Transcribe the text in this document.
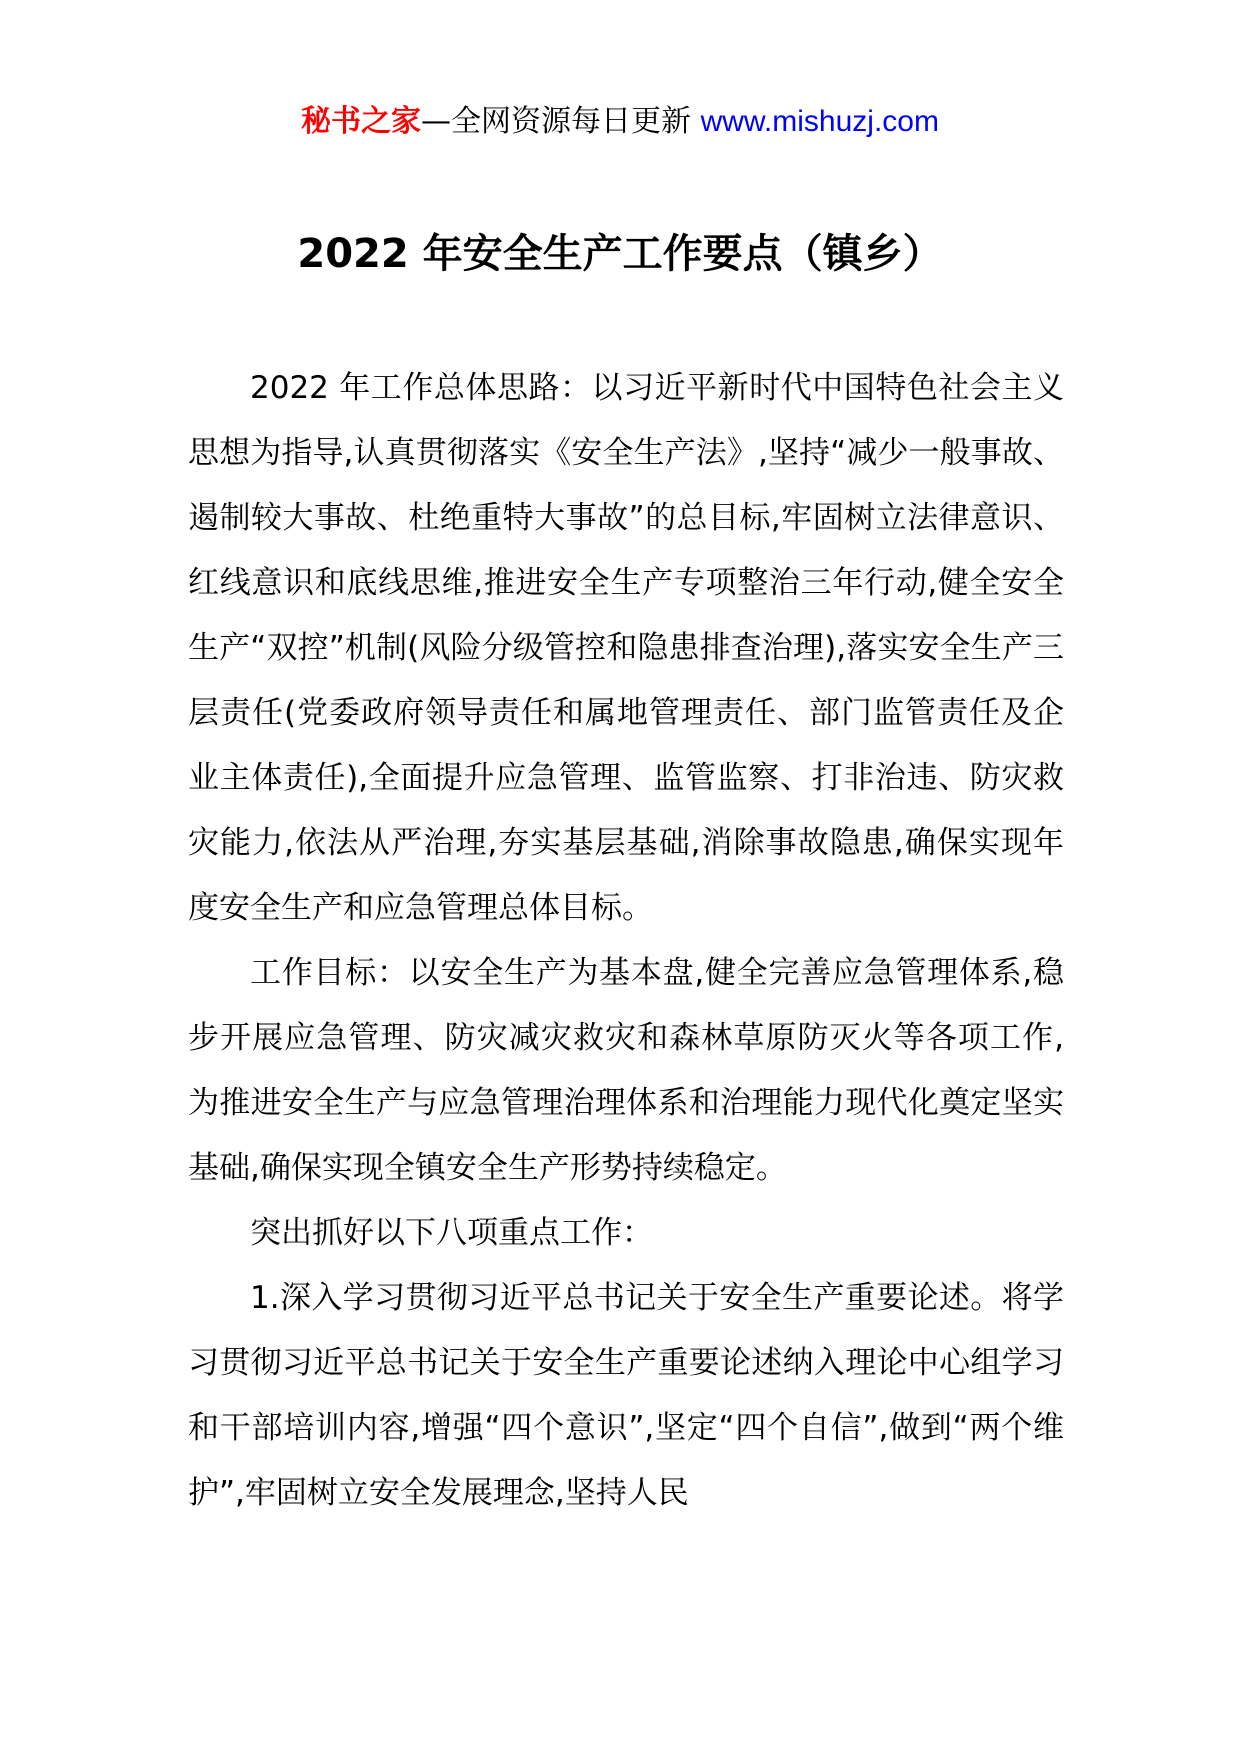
秘书之家—全网资源每日更新 www.mishuzj.com
2022 年安全生产工作要点（镇乡）

2022 年工作总体思路：以习近平新时代中国特色社会主义思想为指导,认真贯彻落实《安全生产法》,坚持“减少一般事故、遏制较大事故、杜绝重特大事故”的总目标,牢固树立法律意识、红线意识和底线思维,推进安全生产专项整治三年行动,健全安全生产“双控”机制(风险分级管控和隐患排查治理),落实安全生产三层责任(党委政府领导责任和属地管理责任、部门监管责任及企业主体责任),全面提升应急管理、监管监察、打非治违、防灾救灾能力,依法从严治理,夯实基层基础,消除事故隐患,确保实现年度安全生产和应急管理总体目标。

工作目标：以安全生产为基本盘,健全完善应急管理体系,稳步开展应急管理、防灾减灾救灾和森林草原防灭火等各项工作,为推进安全生产与应急管理治理体系和治理能力现代化奠定坚实基础,确保实现全镇安全生产形势持续稳定。

突出抓好以下八项重点工作：

1.深入学习贯彻习近平总书记关于安全生产重要论述。将学习贯彻习近平总书记关于安全生产重要论述纳入理论中心组学习和干部培训内容,增强“四个意识”,坚定“四个自信”,做到“两个维护”,牢固树立安全发展理念,坚持人民
